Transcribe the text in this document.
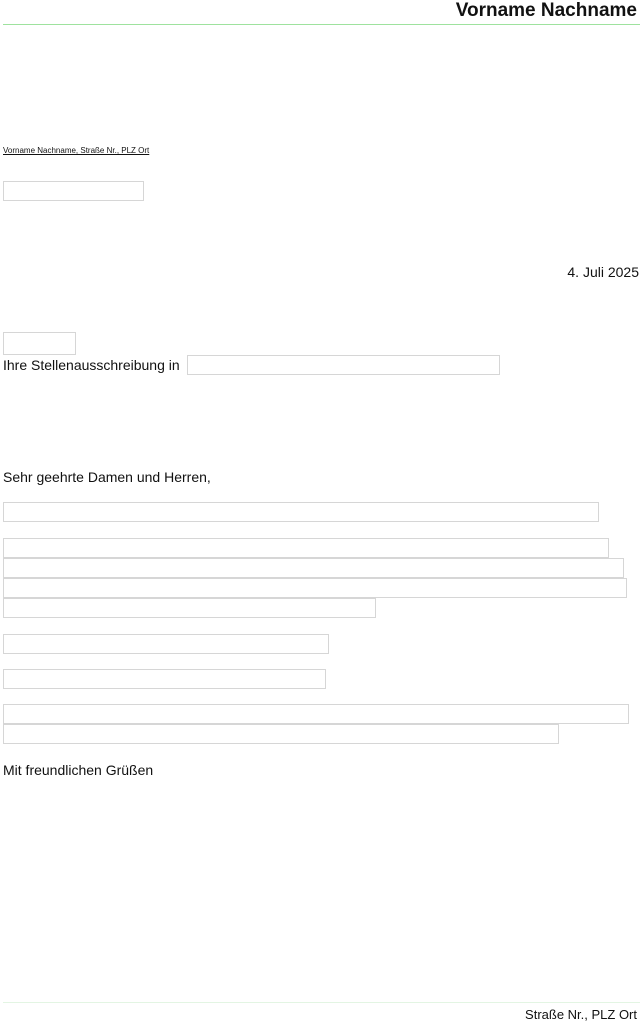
Vorname Nachname
Vorname Nachname, Straße Nr., PLZ Ort
4. Juli 2025
Ihre Stellenausschreibung in
Sehr geehrte Damen und Herren,
Mit freundlichen Grüßen
Straße Nr., PLZ Ort
